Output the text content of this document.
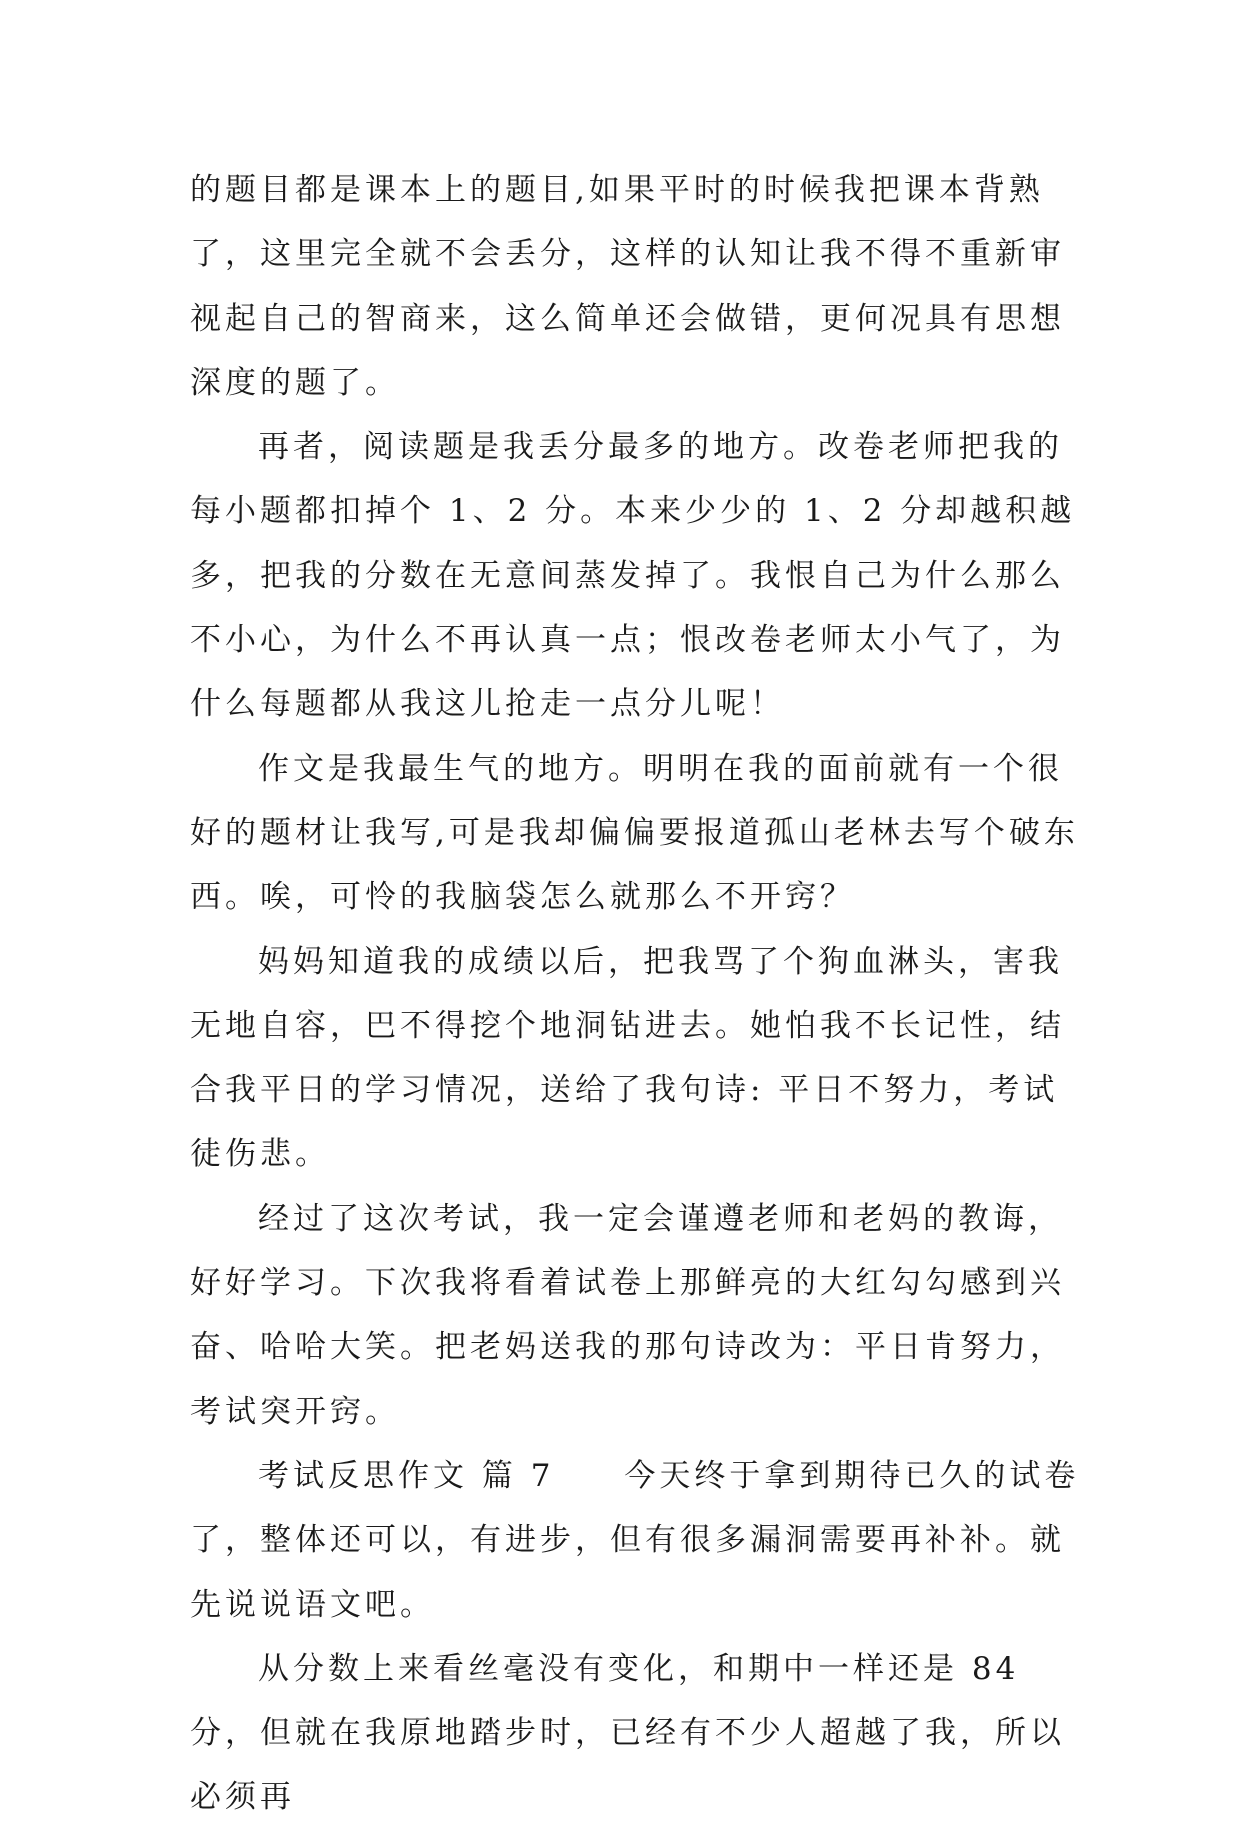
的题目都是课本上的题目,如果平时的时候我把课本背熟了，这里完全就不会丢分，这样的认知让我不得不重新审视起自己的智商来，这么简单还会做错，更何况具有思想深度的题了。

再者，阅读题是我丢分最多的地方。改卷老师把我的每小题都扣掉个 1、2 分。本来少少的 1、2 分却越积越多，把我的分数在无意间蒸发掉了。我恨自己为什么那么不小心，为什么不再认真一点；恨改卷老师太小气了，为什么每题都从我这儿抢走一点分儿呢！

作文是我最生气的地方。明明在我的面前就有一个很好的题材让我写,可是我却偏偏要报道孤山老林去写个破东西。唉，可怜的我脑袋怎么就那么不开窍？

妈妈知道我的成绩以后，把我骂了个狗血淋头，害我无地自容，巴不得挖个地洞钻进去。她怕我不长记性，结合我平日的学习情况，送给了我句诗: 平日不努力，考试徒伤悲。

经过了这次考试，我一定会谨遵老师和老妈的教诲，好好学习。下次我将看着试卷上那鲜亮的大红勾勾感到兴奋、哈哈大笑。把老妈送我的那句诗改为：平日肯努力，考试突开窍。

考试反思作文 篇 7　　今天终于拿到期待已久的试卷了，整体还可以，有进步，但有很多漏洞需要再补补。就先说说语文吧。

从分数上来看丝毫没有变化，和期中一样还是 84 分，但就在我原地踏步时，已经有不少人超越了我，所以必须再
